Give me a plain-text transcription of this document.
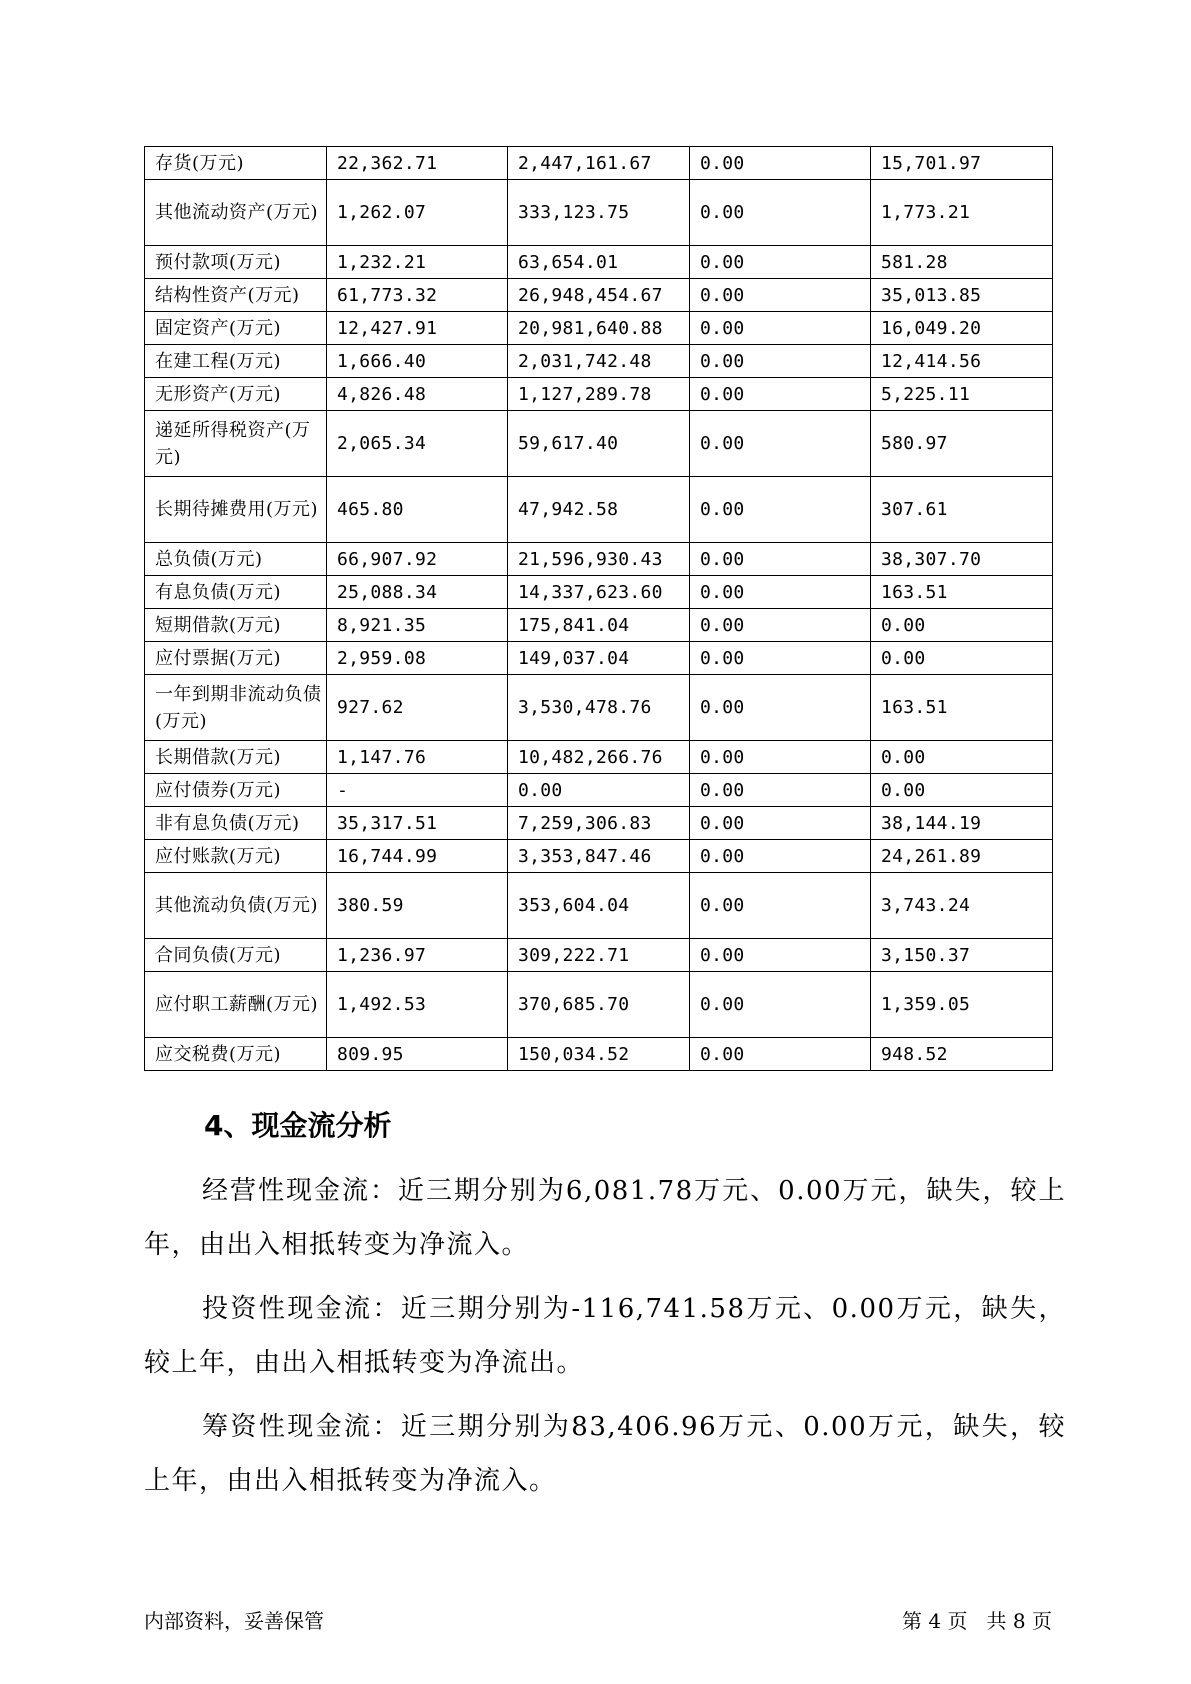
存货(万元)	22,362.71	2,447,161.67	0.00	15,701.97
其他流动资产(万元)	1,262.07	333,123.75	0.00	1,773.21
预付款项(万元)	1,232.21	63,654.01	0.00	581.28
结构性资产(万元)	61,773.32	26,948,454.67	0.00	35,013.85
固定资产(万元)	12,427.91	20,981,640.88	0.00	16,049.20
在建工程(万元)	1,666.40	2,031,742.48	0.00	12,414.56
无形资产(万元)	4,826.48	1,127,289.78	0.00	5,225.11
递延所得税资产(万元)	2,065.34	59,617.40	0.00	580.97
长期待摊费用(万元)	465.80	47,942.58	0.00	307.61
总负债(万元)	66,907.92	21,596,930.43	0.00	38,307.70
有息负债(万元)	25,088.34	14,337,623.60	0.00	163.51
短期借款(万元)	8,921.35	175,841.04	0.00	0.00
应付票据(万元)	2,959.08	149,037.04	0.00	0.00
一年到期非流动负债(万元)	927.62	3,530,478.76	0.00	163.51
长期借款(万元)	1,147.76	10,482,266.76	0.00	0.00
应付债券(万元)	-	0.00	0.00	0.00
非有息负债(万元)	35,317.51	7,259,306.83	0.00	38,144.19
应付账款(万元)	16,744.99	3,353,847.46	0.00	24,261.89
其他流动负债(万元)	380.59	353,604.04	0.00	3,743.24
合同负债(万元)	1,236.97	309,222.71	0.00	3,150.37
应付职工薪酬(万元)	1,492.53	370,685.70	0.00	1,359.05
应交税费(万元)	809.95	150,034.52	0.00	948.52
4、现金流分析

经营性现金流：近三期分别为6,081.78万元、0.00万元，缺失，较上年，由出入相抵转变为净流入。

投资性现金流：近三期分别为-116,741.58万元、0.00万元，缺失，较上年，由出入相抵转变为净流出。

筹资性现金流：近三期分别为83,406.96万元、0.00万元，缺失，较上年，由出入相抵转变为净流入。

内部资料，妥善保管	第 4 页   共 8 页
